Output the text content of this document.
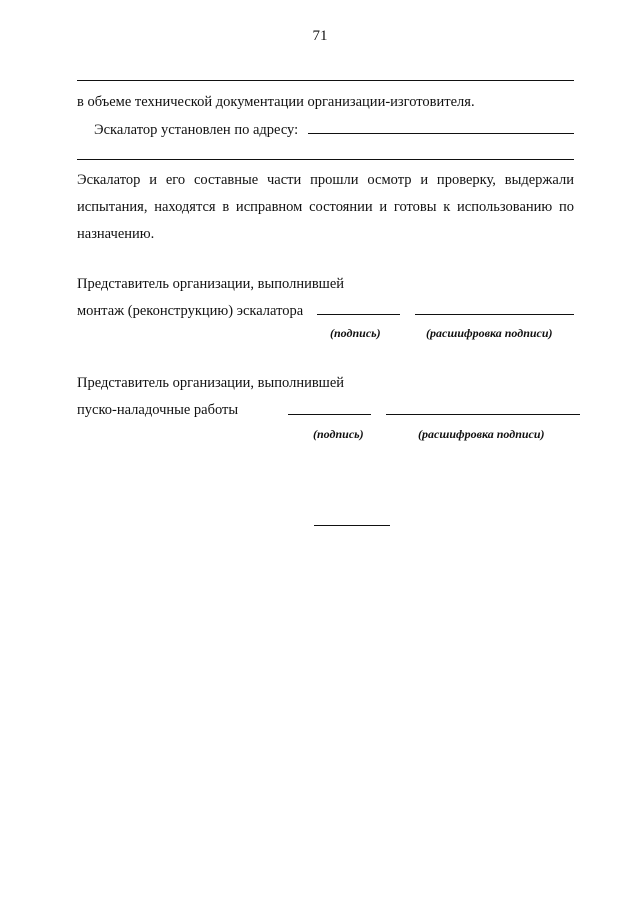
71
в объеме технической документации организации-изготовителя.
Эскалатор установлен по адресу:
Эскалатор и его составные части прошли осмотр и проверку, выдержали
испытания, находятся в исправном состоянии и готовы к использованию по
назначению.
Представитель организации, выполнившей
монтаж (реконструкцию) эскалатора
(подпись)	(расшифровка подписи)
Представитель организации, выполнившей
пуско-наладочные работы
(подпись)	(расшифровка подписи)
